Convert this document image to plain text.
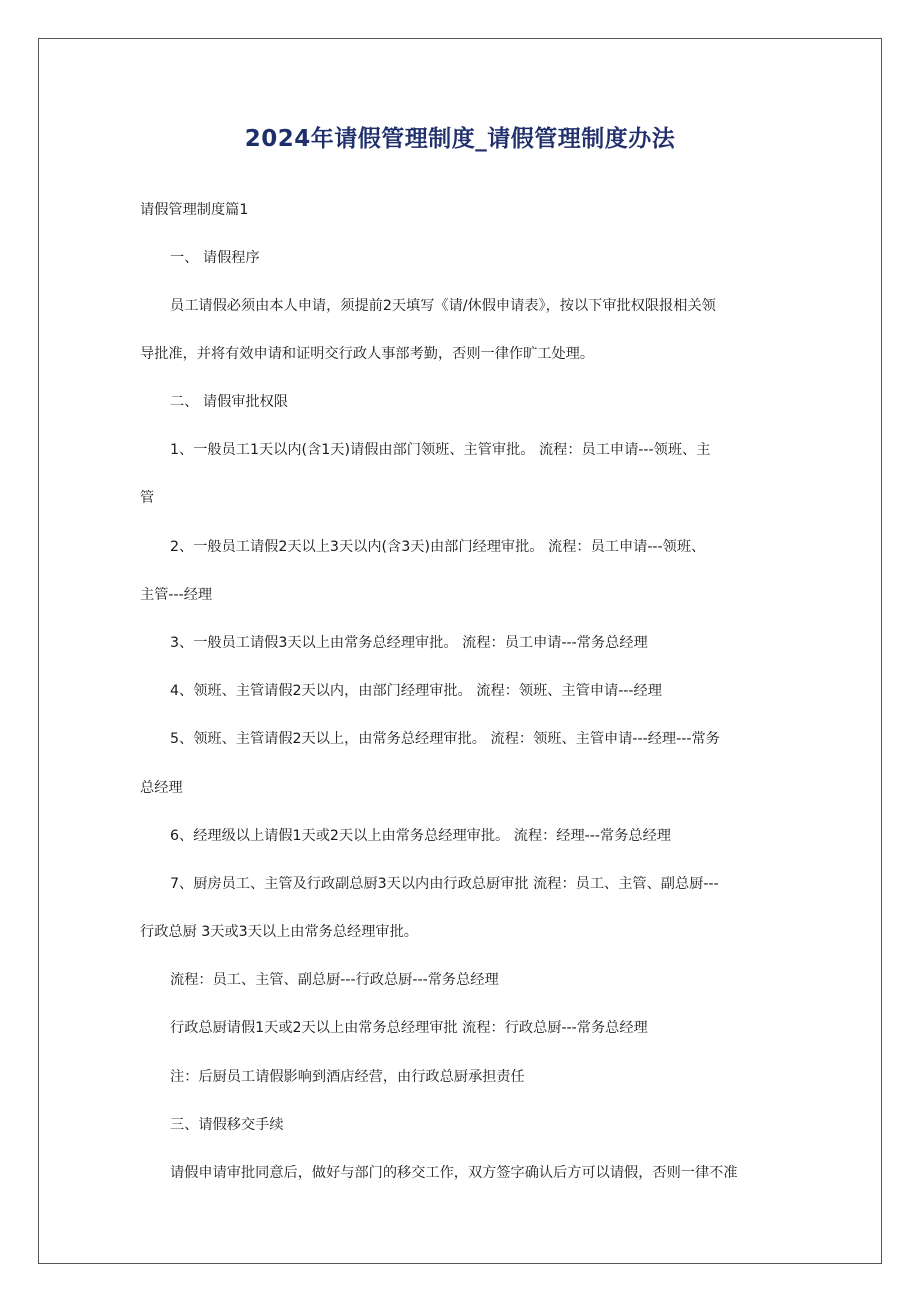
2024年请假管理制度_请假管理制度办法

请假管理制度篇1

一、 请假程序

员工请假必须由本人申请，须提前2天填写《请/休假申请表》，按以下审批权限报相关领

导批准，并将有效申请和证明交行政人事部考勤，否则一律作旷工处理。

二、 请假审批权限

1、一般员工1天以内(含1天)请假由部门领班、主管审批。 流程：员工申请---领班、主

管

2、一般员工请假2天以上3天以内(含3天)由部门经理审批。 流程：员工申请---领班、

主管---经理

3、一般员工请假3天以上由常务总经理审批。 流程：员工申请---常务总经理

4、领班、主管请假2天以内，由部门经理审批。 流程：领班、主管申请---经理

5、领班、主管请假2天以上，由常务总经理审批。 流程：领班、主管申请---经理---常务

总经理

6、经理级以上请假1天或2天以上由常务总经理审批。 流程：经理---常务总经理

7、厨房员工、主管及行政副总厨3天以内由行政总厨审批 流程：员工、主管、副总厨---

行政总厨 3天或3天以上由常务总经理审批。

流程：员工、主管、副总厨---行政总厨---常务总经理

行政总厨请假1天或2天以上由常务总经理审批 流程：行政总厨---常务总经理

注：后厨员工请假影响到酒店经营，由行政总厨承担责任

三、请假移交手续

请假申请审批同意后，做好与部门的移交工作，双方签字确认后方可以请假，否则一律不准
